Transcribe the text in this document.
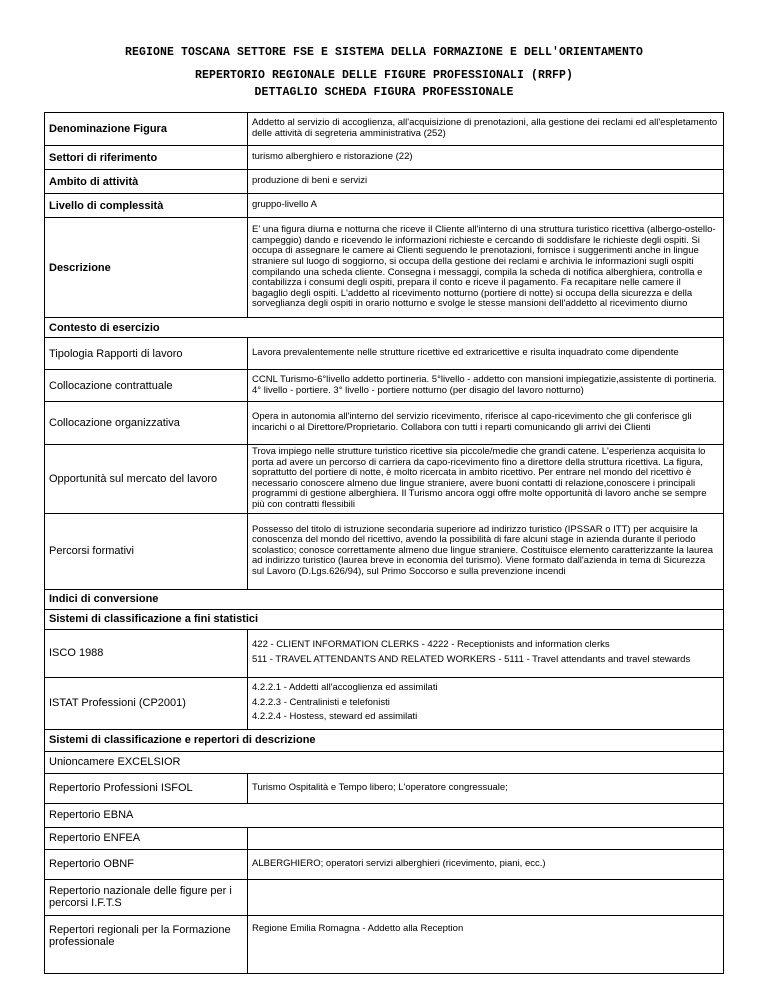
REGIONE TOSCANA SETTORE FSE E SISTEMA DELLA FORMAZIONE E DELL'ORIENTAMENTO
REPERTORIO REGIONALE DELLE FIGURE PROFESSIONALI (RRFP)
DETTAGLIO SCHEDA FIGURA PROFESSIONALE
Denominazione Figura	Addetto al servizio di accoglienza, all'acquisizione di prenotazioni, alla gestione dei reclami ed all'espletamento delle attività di segreteria amministrativa (252)
Settori di riferimento	turismo alberghiero e ristorazione (22)
Ambito di attività	produzione di beni e servizi
Livello di complessità	gruppo-livello A
Descrizione	E' una figura diurna e notturna che riceve il Cliente all'interno di una struttura turistico ricettiva (albergo-ostello-campeggio) dando e ricevendo le informazioni richieste e cercando di soddisfare le richieste degli ospiti. Si occupa di assegnare le camere ai Clienti seguendo le prenotazioni, fornisce i suggerimenti anche in lingue straniere sul luogo di soggiorno, si occupa della gestione dei reclami e archivia le informazioni sugli ospiti compilando una scheda cliente. Consegna i messaggi, compila la scheda di notifica alberghiera, controlla e contabilizza i consumi degli ospiti, prepara il conto e riceve il pagamento. Fa recapitare nelle camere il bagaglio degli ospiti. L'addetto al ricevimento notturno (portiere di notte) si occupa della sicurezza e della sorveglianza degli ospiti in orario notturno e svolge le stesse mansioni dell'addetto al ricevimento diurno
Contesto di esercizio	
Tipologia Rapporti di lavoro	Lavora prevalentemente nelle strutture ricettive ed extraricettive e risulta inquadrato come dipendente
Collocazione contrattuale	CCNL Turismo-6°livello addetto portineria. 5°livello - addetto con mansioni impiegatizie,assistente di portineria. 4° livello - portiere. 3° livello - portiere notturno (per disagio del lavoro notturno)
Collocazione organizzativa	Opera in autonomia all'interno del servizio ricevimento, riferisce al capo-ricevimento che gli conferisce gli incarichi o al Direttore/Proprietario. Collabora con tutti i reparti comunicando gli arrivi dei Clienti
Opportunità sul mercato del lavoro	Trova impiego nelle strutture turistico ricettive sia piccole/medie che grandi catene. L'esperienza acquisita lo porta ad avere un percorso di carriera da capo-ricevimento fino a direttore della struttura ricettiva. La figura, soprattutto del portiere di notte, è molto ricercata in ambito ricettivo. Per entrare nel mondo del ricettivo è necessario conoscere almeno due lingue straniere, avere buoni contatti di relazione,conoscere i principali programmi di gestione alberghiera. Il Turismo ancora oggi offre molte opportunità di lavoro anche se sempre più con contratti flessibili
Percorsi formativi	Possesso del titolo di istruzione secondaria superiore ad indirizzo turistico (IPSSAR o ITT) per acquisire la conoscenza del mondo del ricettivo, avendo la possibilità di fare alcuni stage in azienda durante il periodo scolastico; conosce correttamente almeno due lingue straniere. Costituisce elemento caratterizzante la laurea ad indirizzo turistico (laurea breve in economia del turismo). Viene formato dall'azienda in tema di Sicurezza sul Lavoro (D.Lgs.626/94), sul Primo Soccorso e sulla prevenzione incendi
Indici di conversione	
Sistemi di classificazione a fini statistici	
ISCO 1988	422 - CLIENT INFORMATION CLERKS - 4222 - Receptionists and information clerks
511 - TRAVEL ATTENDANTS AND RELATED WORKERS - 5111 - Travel attendants and travel stewards

ISTAT Professioni (CP2001)	4.2.2.1 - Addetti all'accoglienza ed assimilati
4.2.2.3 - Centralinisti e telefonisti
4.2.2.4 - Hostess, steward ed assimilati

Sistemi di classificazione e repertori di descrizione	
Unioncamere EXCELSIOR	
Repertorio Professioni ISFOL	Turismo Ospitalità e Tempo libero; L'operatore congressuale;
Repertorio EBNA	
Repertorio ENFEA	
Repertorio OBNF	ALBERGHIERO; operatori servizi alberghieri (ricevimento, piani, ecc.)
Repertorio nazionale delle figure per i percorsi I.F.T.S	
Repertori regionali per la Formazione professionale	Regione Emilia Romagna - Addetto alla Reception
